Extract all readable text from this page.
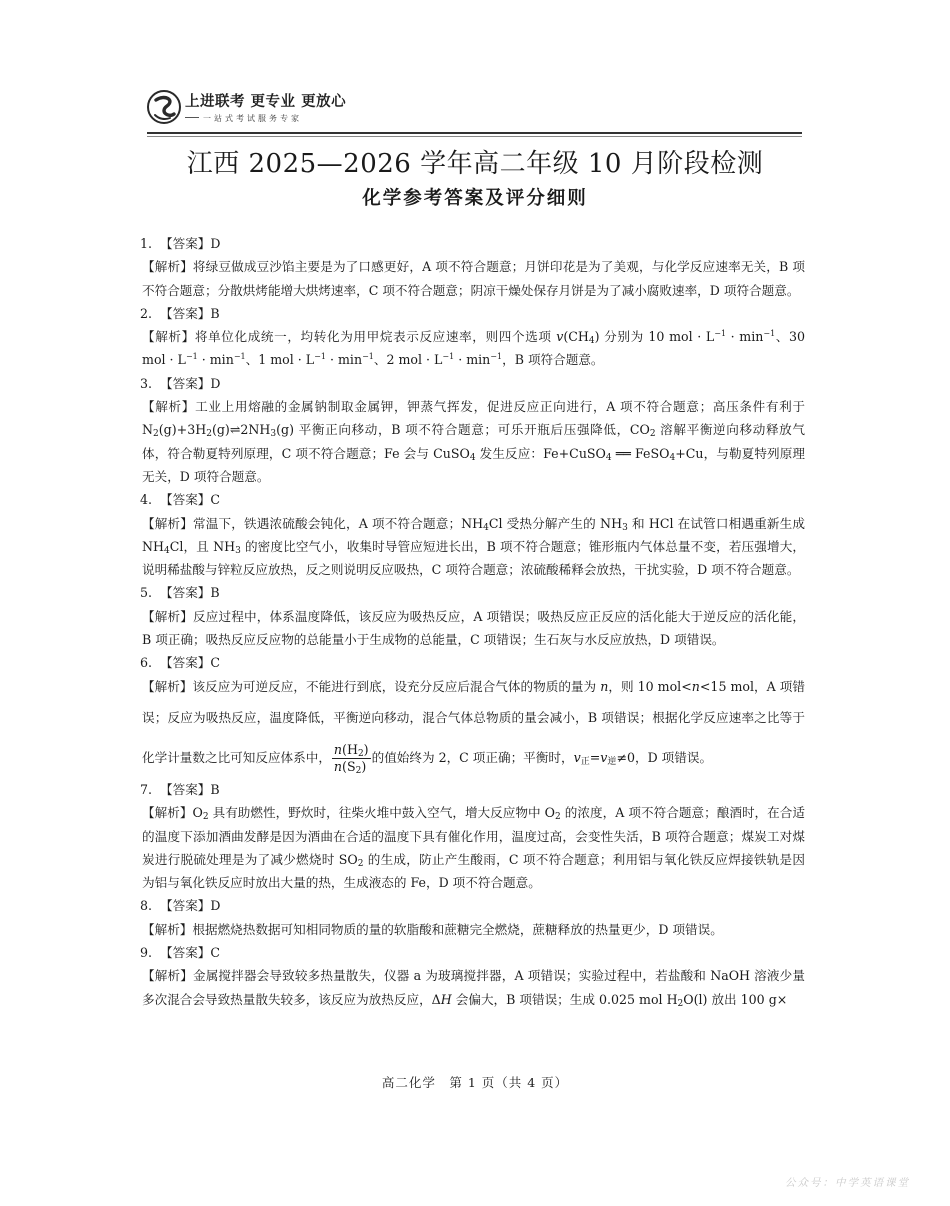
上进联考 更专业 更放心
一站式考试服务专家
江西 2025—2026 学年高二年级 10 月阶段检测
化学参考答案及评分细则

1. 【答案】D

【解析】将绿豆做成豆沙馅主要是为了口感更好，A 项不符合题意；月饼印花是为了美观，与化学反应速率无关，B 项不符合题意；分散烘烤能增大烘烤速率，C 项不符合题意；阴凉干燥处保存月饼是为了减小腐败速率，D 项符合题意。

2. 【答案】B

【解析】将单位化成统一，均转化为用甲烷表示反应速率，则四个选项 $v(CH_4)$ 分别为 10 mol · $L^{-1} \cdot \min^{-1}$、30 mol · $L^{-1} \cdot \min^{-1}$、1 mol · $L^{-1} \cdot \min^{-1}$、2 mol · $L^{-1} \cdot \min^{-1}$，B 项符合题意。

3. 【答案】D

【解析】工业上用熔融的金属钠制取金属钾，钾蒸气挥发，促进反应正向进行，A 项不符合题意；高压条件有利于 $N_2(g)+3H_2(g)\rightleftharpoons 2NH_3(g)$ 平衡正向移动，B 项不符合题意；可乐开瓶后压强降低，$CO_2$ 溶解平衡逆向移动释放气体，符合勒夏特列原理，C 项不符合题意；Fe 会与 CuSO$_4$ 发生反应：Fe+CuSO$_4$ ══ FeSO$_4$+Cu，与勒夏特列原理无关，D 项符合题意。

4. 【答案】C

【解析】常温下，铁遇浓硫酸会钝化，A 项不符合题意；$NH_4Cl$ 受热分解产生的 $NH_3$ 和 HCl 在试管口相遇重新生成 $NH_4Cl$，且 $NH_3$ 的密度比空气小，收集时导管应短进长出，B 项不符合题意；锥形瓶内气体总量不变，若压强增大，说明稀盐酸与锌粒反应放热，反之则说明反应吸热，C 项符合题意；浓硫酸稀释会放热，干扰实验，D 项不符合题意。

5. 【答案】B

【解析】反应过程中，体系温度降低，该反应为吸热反应，A 项错误；吸热反应正反应的活化能大于逆反应的活化能，B 项正确；吸热反应反应物的总能量小于生成物的总能量，C 项错误；生石灰与水反应放热，D 项错误。

6. 【答案】C

【解析】该反应为可逆反应，不能进行到底，设充分反应后混合气体的物质的量为 n，则 10 mol<n<15 mol，A 项错误；反应为吸热反应，温度降低，平衡逆向移动，混合气体总物质的量会减小，B 项错误；根据化学反应速率之比等于化学计量数之比可知反应体系中， $\frac{n(H_2)}{n(S_2)}$ 的值始终为 2，C 项正确；平衡时，$v_正=v_逆\ne 0$，D 项错误。

7. 【答案】B

【解析】$O_2$ 具有助燃性，野炊时，往柴火堆中鼓入空气，增大反应物中 $O_2$ 的浓度，A 项不符合题意；酿酒时，在合适的温度下添加酒曲发酵是因为酒曲在合适的温度下具有催化作用，温度过高，会变性失活，B 项符合题意；煤炭工对煤炭进行脱硫处理是为了减少燃烧时 $SO_2$ 的生成，防止产生酸雨，C 项不符合题意；利用铝与氧化铁反应焊接铁轨是因为铝与氧化铁反应时放出大量的热，生成液态的 Fe，D 项不符合题意。

8. 【答案】D

【解析】根据燃烧热数据可知相同物质的量的软脂酸和蔗糖完全燃烧，蔗糖释放的热量更少，D 项错误。

9. 【答案】C

【解析】金属搅拌器会导致较多热量散失，仪器 a 为玻璃搅拌器，A 项错误；实验过程中，若盐酸和 NaOH 溶液少量多次混合会导致热量散失较多，该反应为放热反应，ΔH 会偏大，B 项错误；生成 0.025 mol $H_2O(l)$ 放出 100 g×

高二化学　第 1 页（共 4 页）
公众号：中学英语课堂
